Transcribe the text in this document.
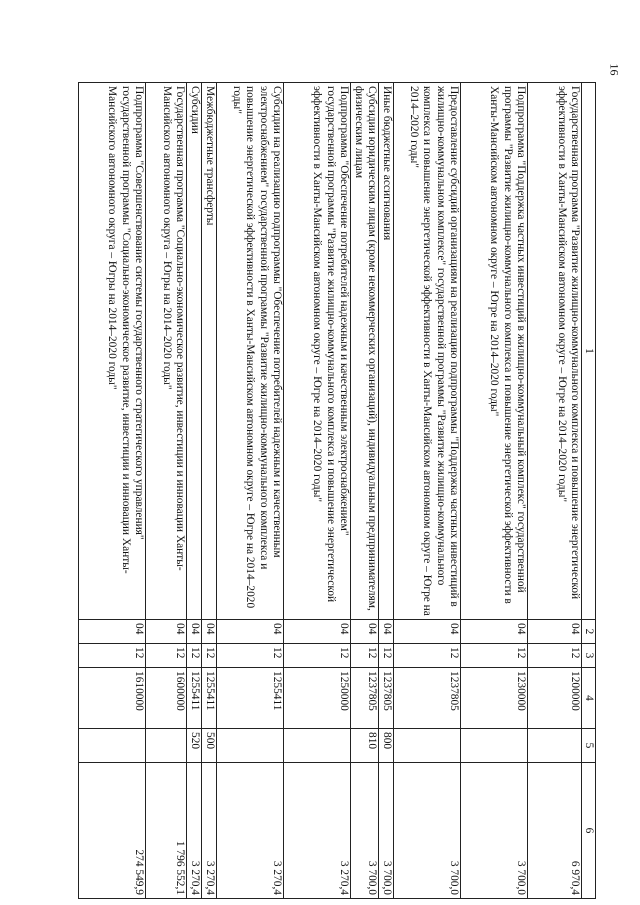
16
1	2	3	4	5	6
Государственная программа "Развитие жилищно-коммунального комплекса и повышение энергетической эффективности в Ханты-Мансийском автономном округе – Югре на 2014–2020 годы"	04	12	1200000		6 970,4
Подпрограмма "Поддержка частных инвестиций в жилищно-коммунальный комплекс" государственной программы "Развитие жилищно-коммунального комплекса и повышение энергетической эффективности в Ханты-Мансийском автономном округе – Югре на 2014–2020 годы"	04	12	1230000		3 700,0
Предоставление субсидий организациям на реализацию подпрограммы "Поддержка частных инвестиций в жилищно-коммунальном комплексе" государственной программы "Развитие жилищно-коммунального комплекса и повышение энергетической эффективности в Ханты-Мансийском автономном округе – Югре на 2014–2020 годы"	04	12	1237805		3 700,0
Иные бюджетные ассигнования	04	12	1237805	800	3 700,0
Субсидии юридическим лицам (кроме некоммерческих организаций), индивидуальным предпринимателям, физическим лицам	04	12	1237805	810	3 700,0
Подпрограмма "Обеспечение потребителей надежным и качественным электроснабжением" государственной программы "Развитие жилищно-коммунального комплекса и повышение энергетической эффективности в Ханты-Мансийском автономном округе – Югре на 2014–2020 годы"	04	12	1250000		3 270,4
Субсидии на реализацию подпрограммы "Обеспечение потребителей надежным и качественным электроснабжением" государственной программы "Развитие жилищно-коммунального комплекса и повышение энергетической эффективности в Ханты-Мансийском автономном округе – Югре на 2014–2020 годы"	04	12	1255411		3 270,4
Межбюджетные трансферты	04	12	1255411	500	3 270,4
Субсидии	04	12	1255411	520	3 270,4
Государственная программа "Социально-экономическое развитие, инвестиции и инновации Ханты-Мансийского автономного округа – Югры на 2014–2020 годы"	04	12	1600000		1 796 552,1
Подпрограмма "Совершенствование системы государственного стратегического управления" государственной программы "Социально-экономическое развитие, инвестиции и инновации Ханты-Мансийского автономного округа – Югры на 2014–2020 годы"	04	12	1610000		274 549,9
